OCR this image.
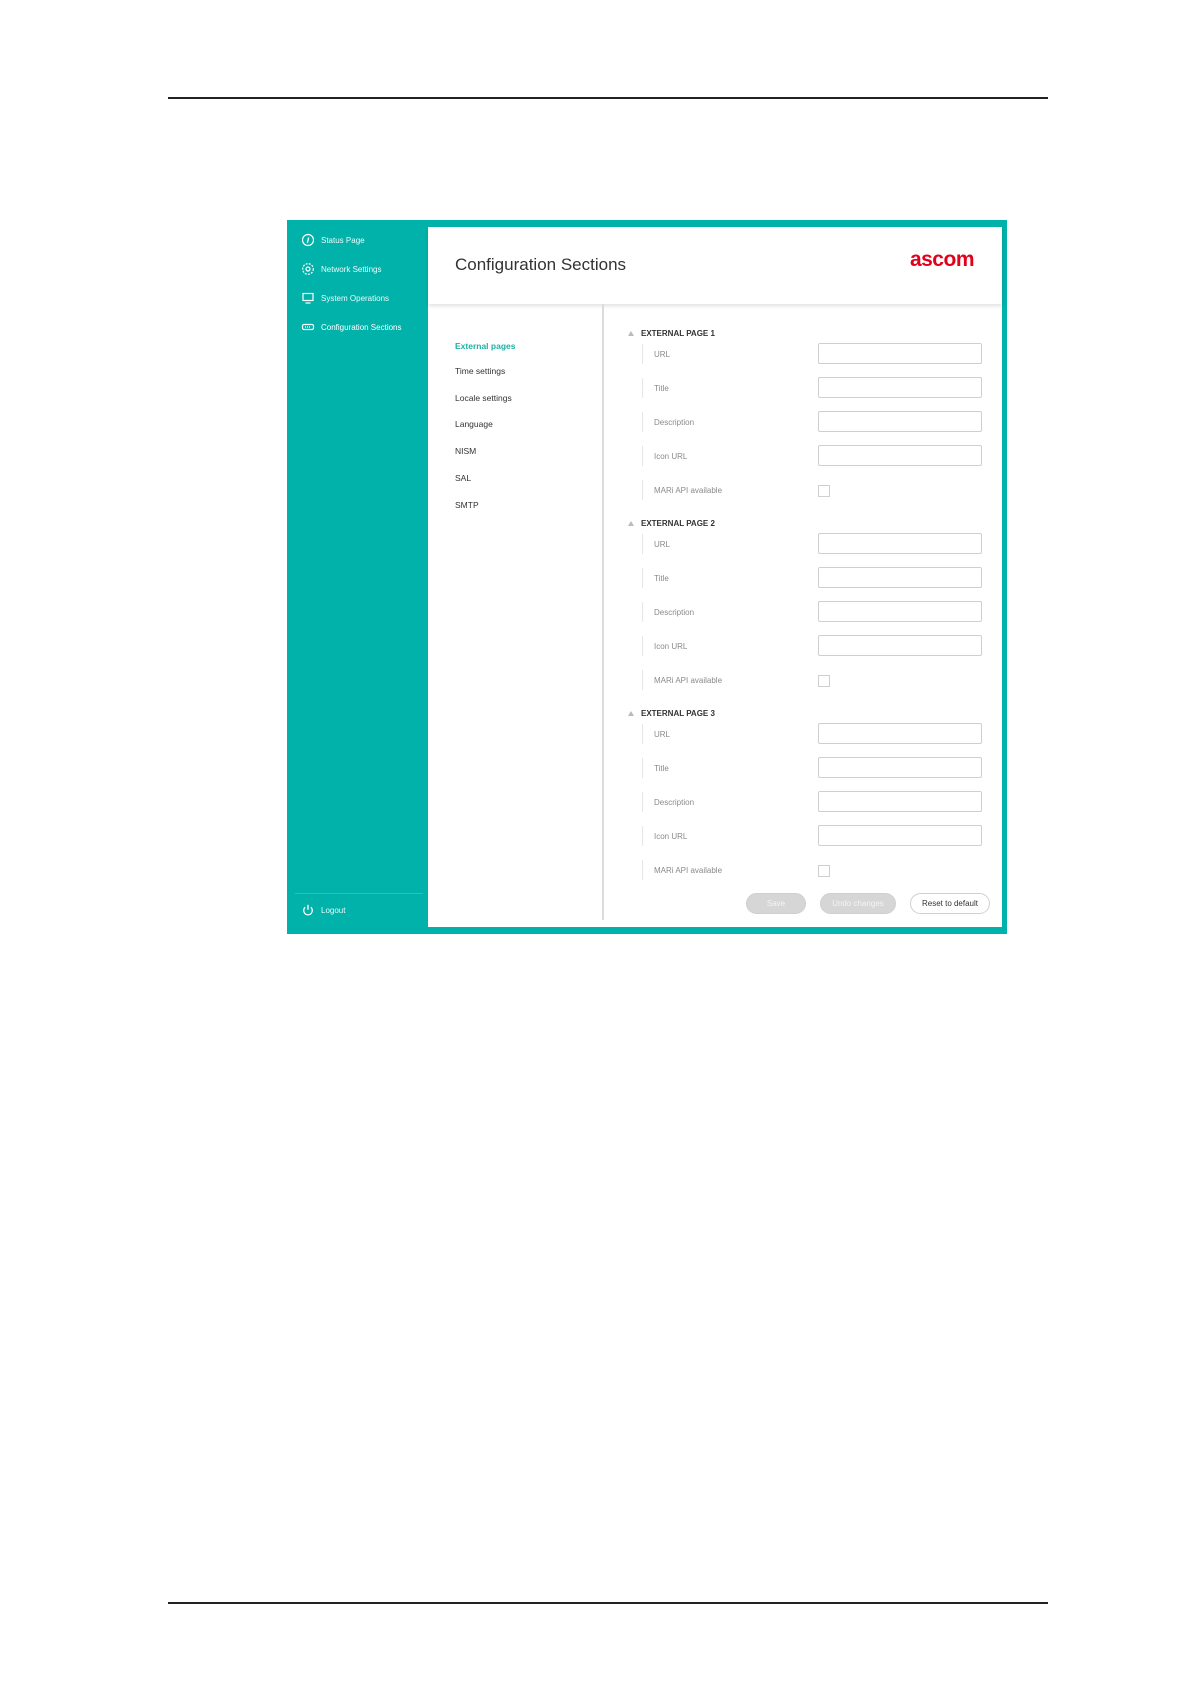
Status Page
Network Settings
System Operations
Configuration Sections
Logout
Configuration Sections	ascom
External pages
Time settings
Locale settings
Language
NISM
SAL
SMTP
EXTERNAL PAGE 1
URL
Title
Description
Icon URL
MARi API available
EXTERNAL PAGE 2
URL
Title
Description
Icon URL
MARi API available
EXTERNAL PAGE 3
URL
Title
Description
Icon URL
MARi API available
Save	Undo changes	Reset to default
